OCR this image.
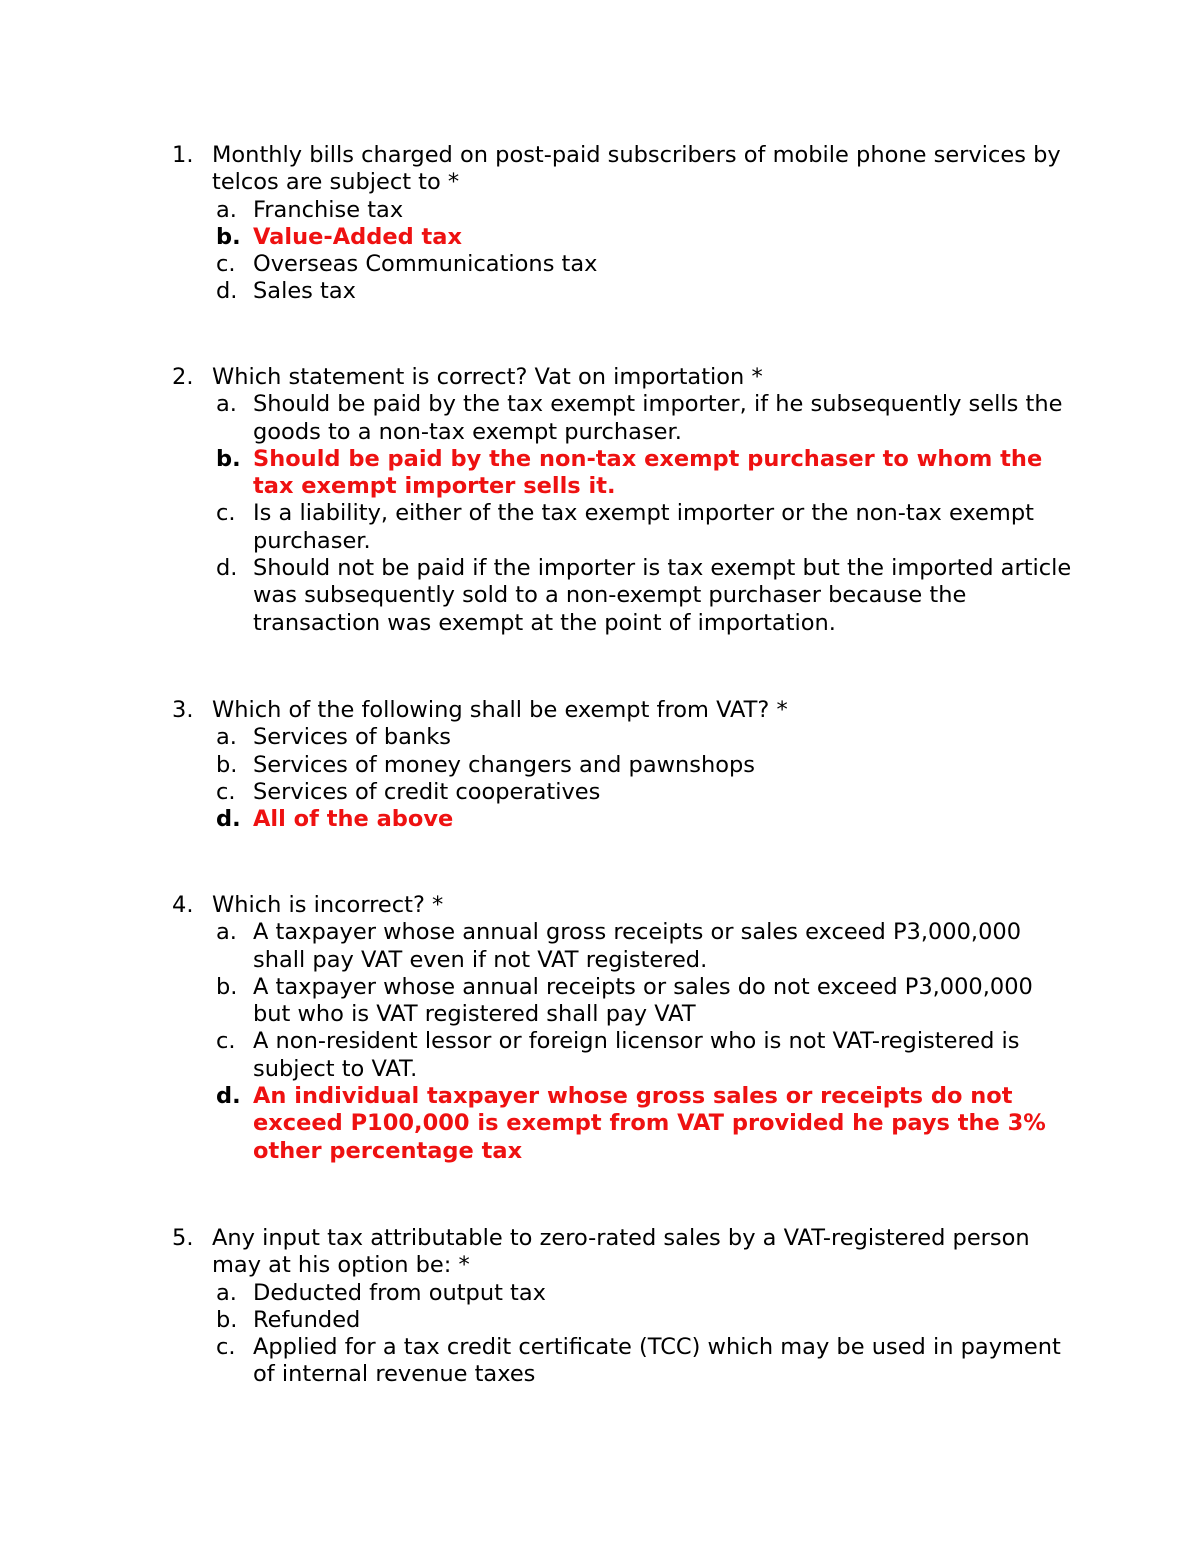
1. Monthly bills charged on post-paid subscribers of mobile phone services by telcos are subject to *
a. Franchise tax
b. Value-Added tax
c. Overseas Communications tax
d. Sales tax
2. Which statement is correct? Vat on importation *
a. Should be paid by the tax exempt importer, if he subsequently sells the goods to a non-tax exempt purchaser.
b. Should be paid by the non-tax exempt purchaser to whom the tax exempt importer sells it.
c. Is a liability, either of the tax exempt importer or the non-tax exempt purchaser.
d. Should not be paid if the importer is tax exempt but the imported article was subsequently sold to a non-exempt purchaser because the transaction was exempt at the point of importation.
3. Which of the following shall be exempt from VAT? *
a. Services of banks
b. Services of money changers and pawnshops
c. Services of credit cooperatives
d. All of the above
4. Which is incorrect? *
a. A taxpayer whose annual gross receipts or sales exceed P3,000,000 shall pay VAT even if not VAT registered.
b. A taxpayer whose annual receipts or sales do not exceed P3,000,000 but who is VAT registered shall pay VAT
c. A non-resident lessor or foreign licensor who is not VAT-registered is subject to VAT.
d. An individual taxpayer whose gross sales or receipts do not exceed P100,000 is exempt from VAT provided he pays the 3% other percentage tax
5. Any input tax attributable to zero-rated sales by a VAT-registered person may at his option be: *
a. Deducted from output tax
b. Refunded
c. Applied for a tax credit certificate (TCC) which may be used in payment of internal revenue taxes
